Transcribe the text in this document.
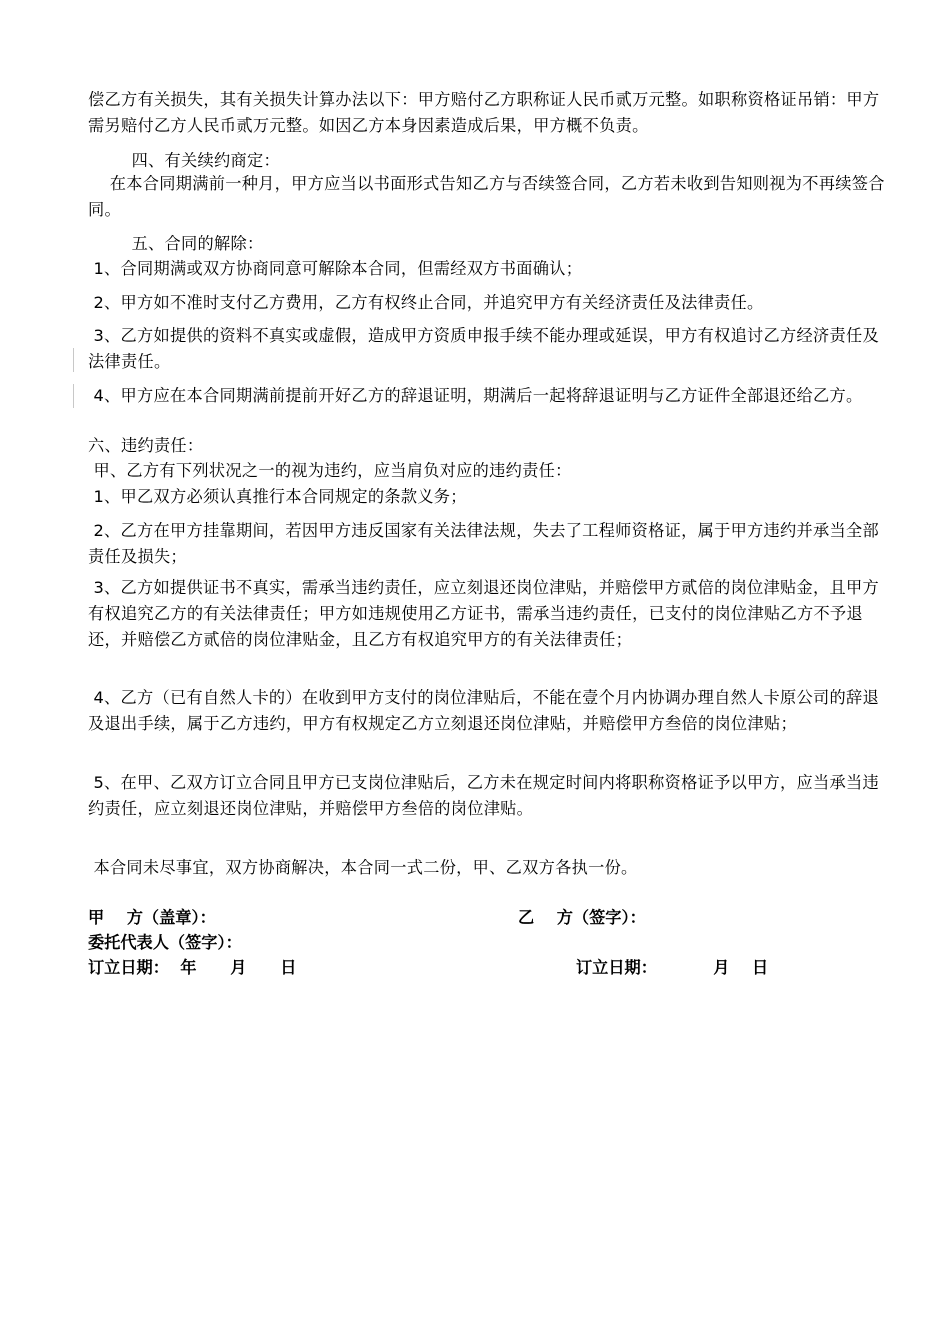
偿乙方有关损失，其有关损失计算办法以下：甲方赔付乙方职称证人民币贰万元整。如职称资格证吊销：甲方需另赔付乙方人民币贰万元整。如因乙方本身因素造成后果，甲方概不负责。

四、有关续约商定：

在本合同期满前一种月，甲方应当以书面形式告知乙方与否续签合同，乙方若未收到告知则视为不再续签合同。

五、合同的解除：

1、合同期满或双方协商同意可解除本合同，但需经双方书面确认；

2、甲方如不准时支付乙方费用，乙方有权终止合同，并追究甲方有关经济责任及法律责任。

3、乙方如提供的资料不真实或虚假，造成甲方资质申报手续不能办理或延误，甲方有权追讨乙方经济责任及法律责任。

4、甲方应在本合同期满前提前开好乙方的辞退证明，期满后一起将辞退证明与乙方证件全部退还给乙方。

六、违约责任：

甲、乙方有下列状况之一的视为违约，应当肩负对应的违约责任：

1、甲乙双方必须认真推行本合同规定的条款义务；

2、乙方在甲方挂靠期间，若因甲方违反国家有关法律法规，失去了工程师资格证，属于甲方违约并承当全部责任及损失；

3、乙方如提供证书不真实，需承当违约责任，应立刻退还岗位津贴，并赔偿甲方贰倍的岗位津贴金，且甲方有权追究乙方的有关法律责任；甲方如违规使用乙方证书，需承当违约责任，已支付的岗位津贴乙方不予退还，并赔偿乙方贰倍的岗位津贴金，且乙方有权追究甲方的有关法律责任；

4、乙方（已有自然人卡的）在收到甲方支付的岗位津贴后，不能在壹个月内协调办理自然人卡原公司的辞退及退出手续，属于乙方违约，甲方有权规定乙方立刻退还岗位津贴，并赔偿甲方叁倍的岗位津贴；

5、在甲、乙双方订立合同且甲方已支岗位津贴后，乙方未在规定时间内将职称资格证予以甲方，应当承当违约责任，应立刻退还岗位津贴，并赔偿甲方叁倍的岗位津贴。

本合同未尽事宜，双方协商解决，本合同一式二份，甲、乙双方各执一份。

甲    方（盖章）：	乙    方（签字）：
委托代表人（签字）：
订立日期：  年      月      日	订立日期：          月    日
